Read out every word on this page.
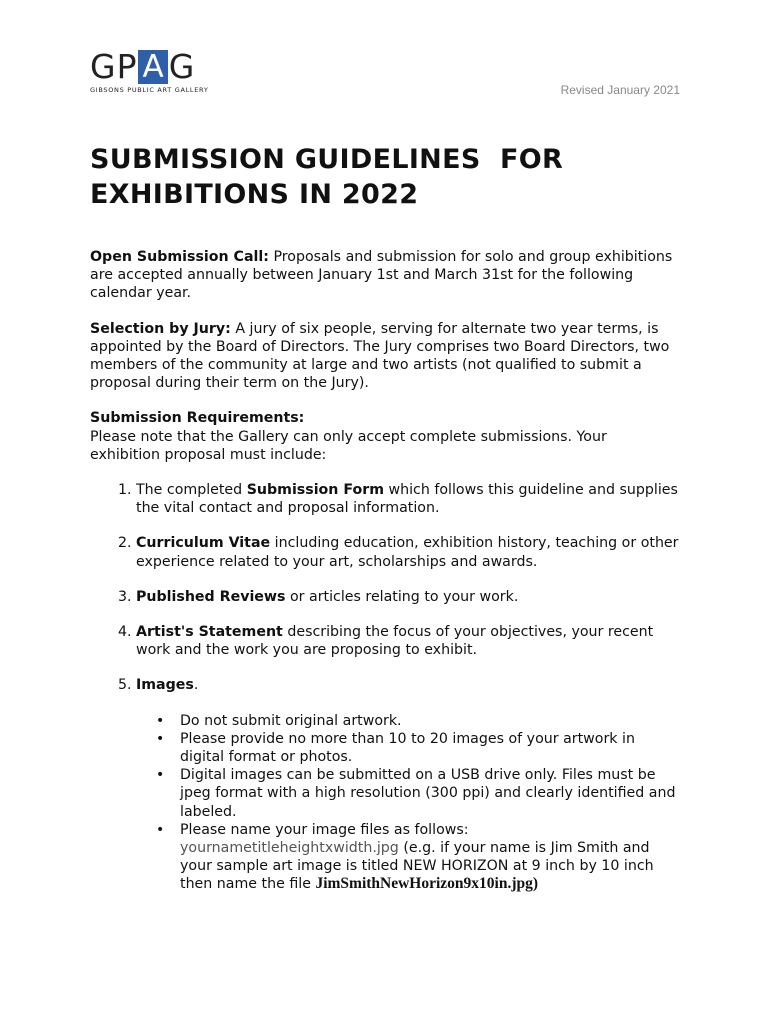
GP A G
GIBSONS PUBLIC ART GALLERY	Revised January 2021
SUBMISSION GUIDELINES  FOR
EXHIBITIONS IN 2022

Open Submission Call: Proposals and submission for solo and group exhibitions are accepted annually between January 1st and March 31st for the following calendar year.

Selection by Jury: A jury of six people, serving for alternate two year terms, is appointed by the Board of Directors. The Jury comprises two Board Directors, two members of the community at large and two artists (not qualified to submit a proposal during their term on the Jury).

Submission Requirements:
Please note that the Gallery can only accept complete submissions. Your exhibition proposal must include:

1. The completed Submission Form which follows this guideline and supplies the vital contact and proposal information.
2. Curriculum Vitae including education, exhibition history, teaching or other experience related to your art, scholarships and awards.
3. Published Reviews or articles relating to your work.
4. Artist's Statement describing the focus of your objectives, your recent work and the work you are proposing to exhibit.
5. Images.
• Do not submit original artwork.
• Please provide no more than 10 to 20 images of your artwork in digital format or photos.
• Digital images can be submitted on a USB drive only. Files must be jpeg format with a high resolution (300 ppi) and clearly identified and labeled.
• Please name your image files as follows: yournametitleheightxwidth.jpg (e.g. if your name is Jim Smith and your sample art image is titled NEW HORIZON at 9 inch by 10 inch then name the file JimSmithNewHorizon9x10in.jpg)
